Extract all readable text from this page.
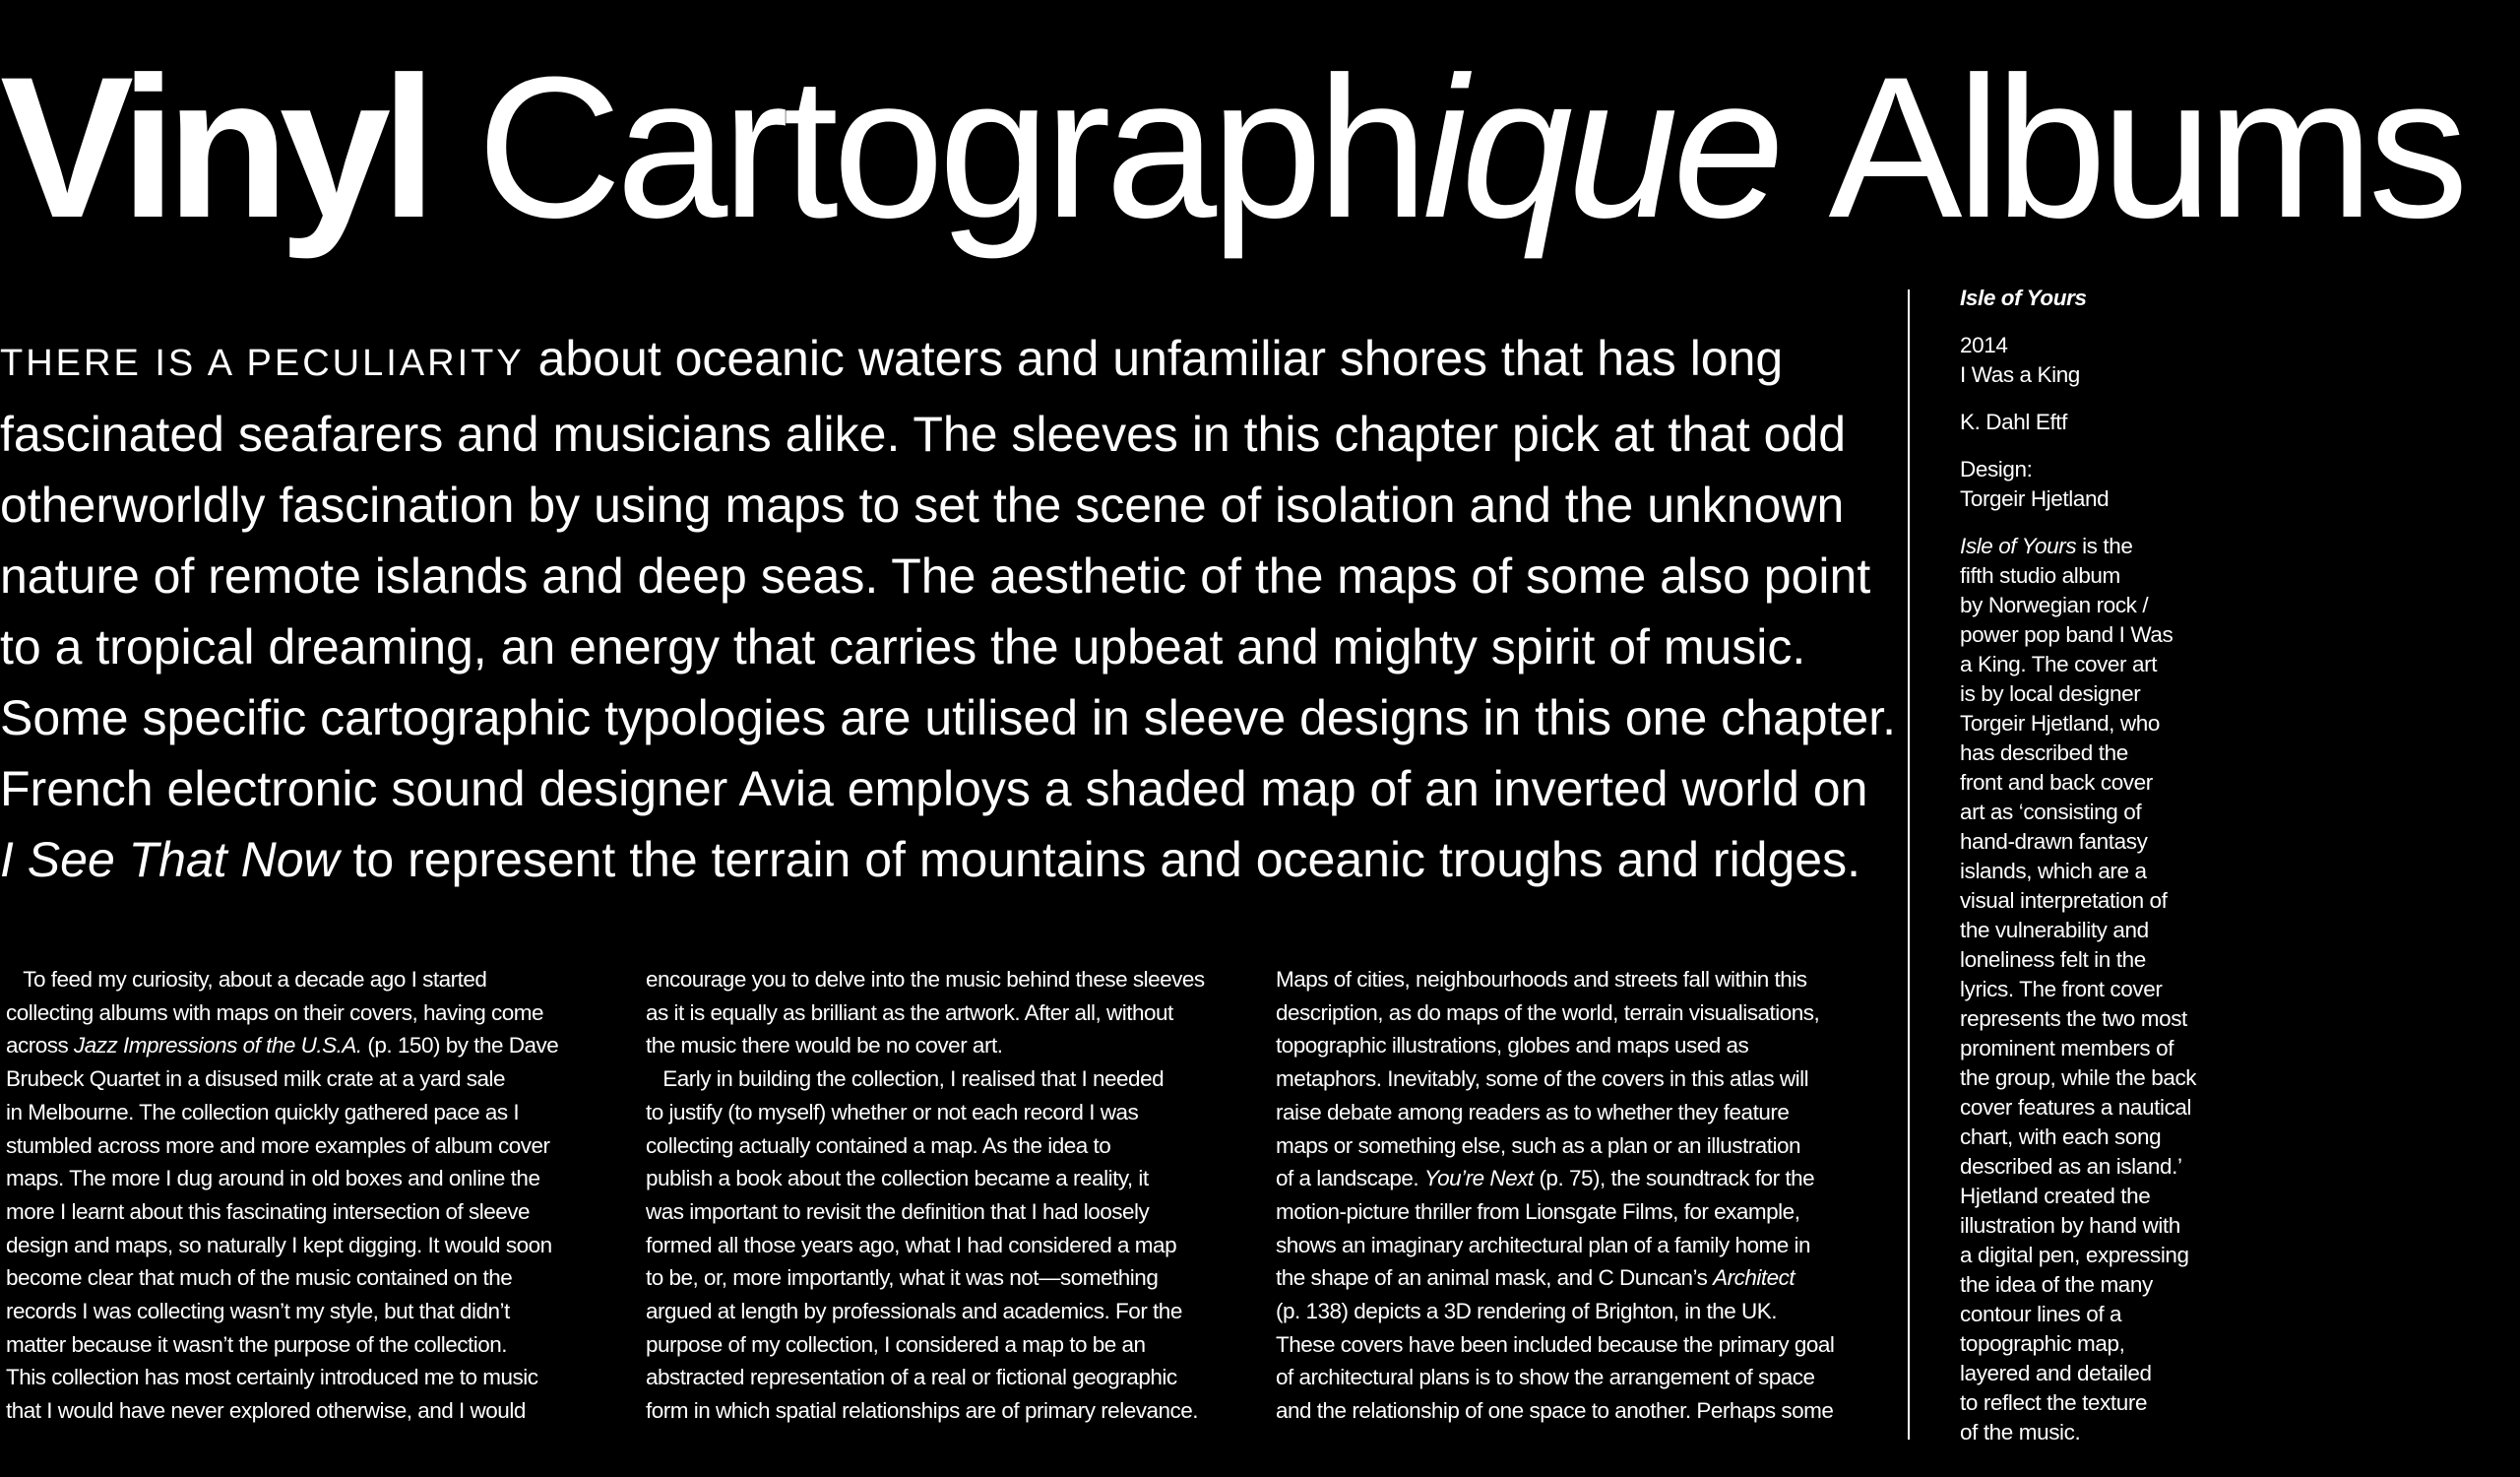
Vinyl Cartographique Albums

THERE IS A PECULIARITY about oceanic waters and unfamiliar shores that has long
fascinated seafarers and musicians alike. The sleeves in this chapter pick at that odd
otherworldly fascination by using maps to set the scene of isolation and the unknown
nature of remote islands and deep seas. The aesthetic of the maps of some also point
to a tropical dreaming, an energy that carries the upbeat and mighty spirit of music.
Some specific cartographic typologies are utilised in sleeve designs in this one chapter.
French electronic sound designer Avia employs a shaded map of an inverted world on
I See That Now to represent the terrain of mountains and oceanic troughs and ridges.

To feed my curiosity, about a decade ago I started
collecting albums with maps on their covers, having come
across Jazz Impressions of the U.S.A. (p. 150) by the Dave
Brubeck Quartet in a disused milk crate at a yard sale
in Melbourne. The collection quickly gathered pace as I
stumbled across more and more examples of album cover
maps. The more I dug around in old boxes and online the
more I learnt about this fascinating intersection of sleeve
design and maps, so naturally I kept digging. It would soon
become clear that much of the music contained on the
records I was collecting wasn’t my style, but that didn’t
matter because it wasn’t the purpose of the collection.
This collection has most certainly introduced me to music
that I would have never explored otherwise, and I would
encourage you to delve into the music behind these sleeves
as it is equally as brilliant as the artwork. After all, without
the music there would be no cover art.
Early in building the collection, I realised that I needed
to justify (to myself) whether or not each record I was
collecting actually contained a map. As the idea to
publish a book about the collection became a reality, it
was important to revisit the definition that I had loosely
formed all those years ago, what I had considered a map
to be, or, more importantly, what it was not—something
argued at length by professionals and academics. For the
purpose of my collection, I considered a map to be an
abstracted representation of a real or fictional geographic
form in which spatial relationships are of primary relevance.
Maps of cities, neighbourhoods and streets fall within this
description, as do maps of the world, terrain visualisations,
topographic illustrations, globes and maps used as
metaphors. Inevitably, some of the covers in this atlas will
raise debate among readers as to whether they feature
maps or something else, such as a plan or an illustration
of a landscape. You’re Next (p. 75), the soundtrack for the
motion-picture thriller from Lionsgate Films, for example,
shows an imaginary architectural plan of a family home in
the shape of an animal mask, and C Duncan’s Architect
(p. 138) depicts a 3D rendering of Brighton, in the UK.
These covers have been included because the primary goal
of architectural plans is to show the arrangement of space
and the relationship of one space to another. Perhaps some
Isle of Yours
2014
I Was a King
K. Dahl Eftf
Design:
Torgeir Hjetland
Isle of Yours is the
fifth studio album
by Norwegian rock /
power pop band I Was
a King. The cover art
is by local designer
Torgeir Hjetland, who
has described the
front and back cover
art as ‘consisting of
hand-drawn fantasy
islands, which are a
visual interpretation of
the vulnerability and
loneliness felt in the
lyrics. The front cover
represents the two most
prominent members of
the group, while the back
cover features a nautical
chart, with each song
described as an island.’
Hjetland created the
illustration by hand with
a digital pen, expressing
the idea of the many
contour lines of a
topographic map,
layered and detailed
to reflect the texture
of the music.
